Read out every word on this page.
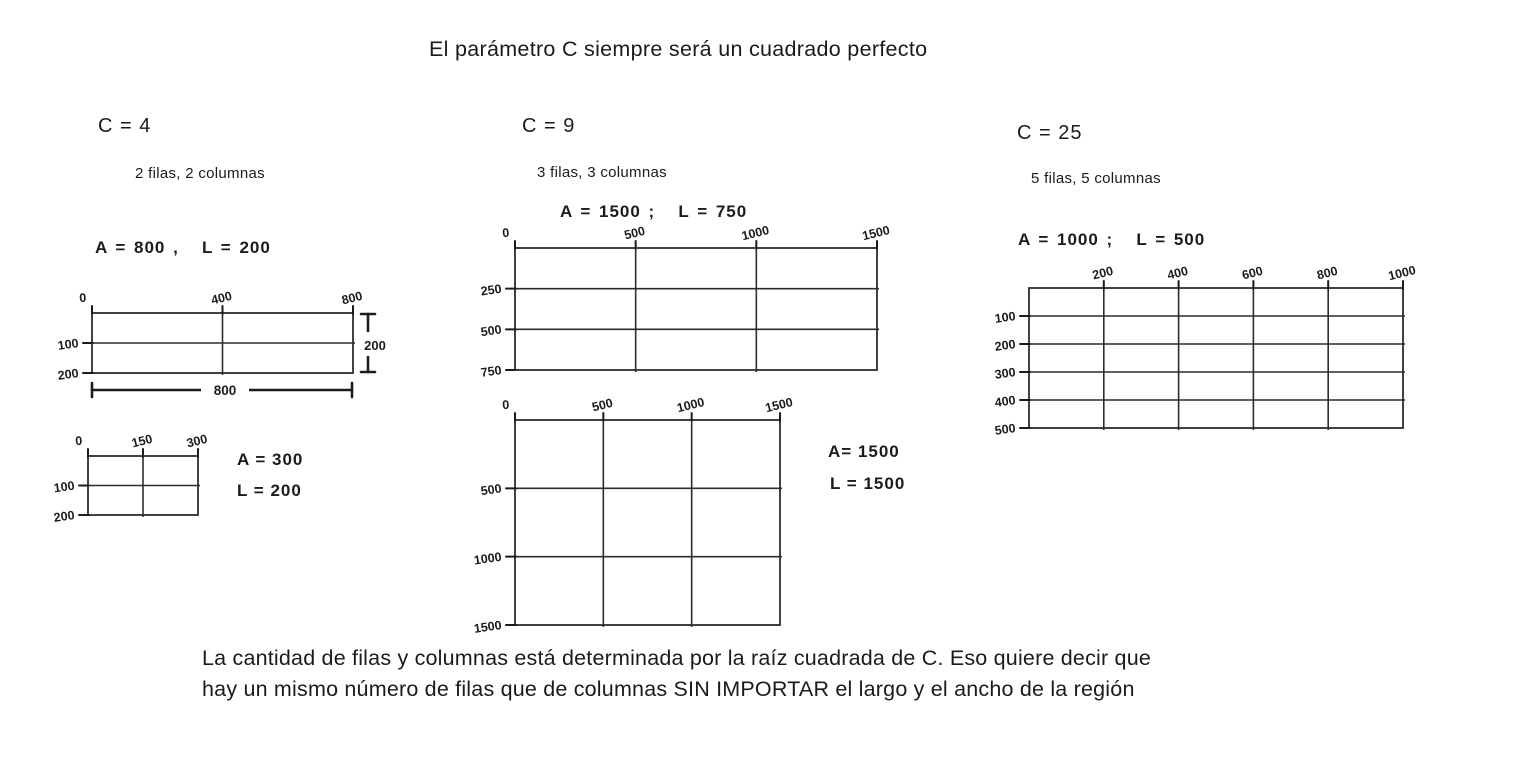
El parámetro C siempre será un cuadrado perfecto
C = 4
2 filas, 2 columnas
A = 800 ,   L = 200
A = 300
L = 200
C = 9
3 filas, 3 columnas
A = 1500 ;   L = 750
A= 1500
L = 1500
C = 25
5 filas, 5 columnas
A = 1000 ;   L = 500
La cantidad de filas y columnas está determinada por la raíz cuadrada de C. Eso quiere decir que
hay un mismo número de filas que de columnas SIN IMPORTAR el largo y el ancho de la región
0	400	800
100
200
0	150	300
100
200
0	500	1000	1500
250
500
750
0	500	1000	1500
500
1000
1500
200	400	600	800	1000
100
200
300
400
500
200
800
